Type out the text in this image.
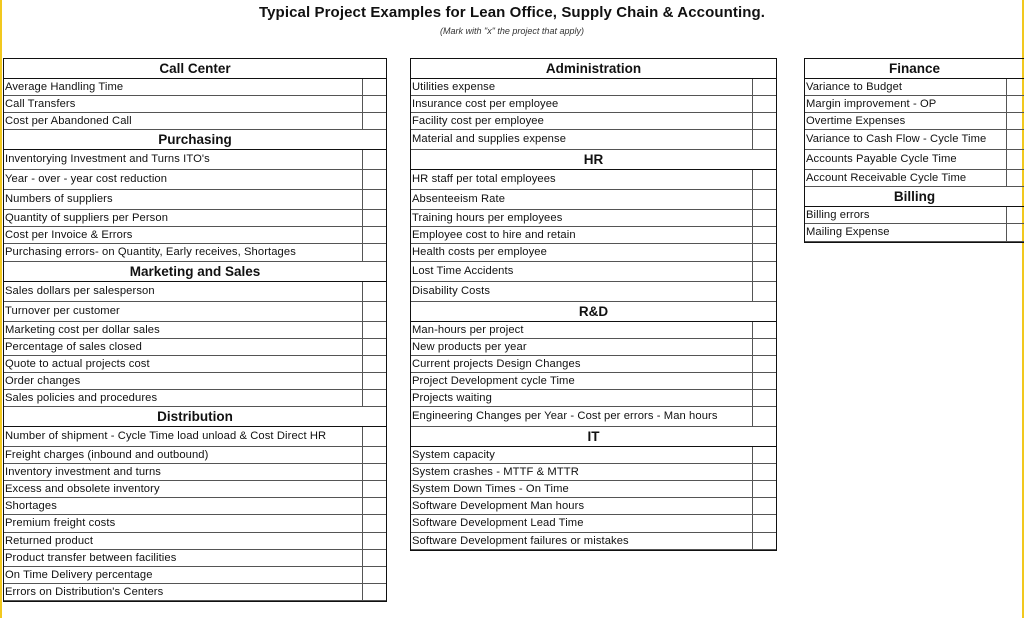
Typical Project Examples for Lean Office, Supply Chain & Accounting.
(Mark with "x" the project that apply)
Call Center
Average Handling Time
Call Transfers
Cost per Abandoned Call
Purchasing
Inventorying Investment and Turns ITO's
Year - over - year cost reduction
Numbers of suppliers
Quantity of suppliers per Person
Cost per Invoice & Errors
Purchasing errors- on Quantity, Early receives, Shortages
Marketing and Sales
Sales dollars per salesperson
Turnover per customer
Marketing cost per dollar sales
Percentage of sales closed
Quote to actual projects cost
Order changes
Sales policies and procedures
Distribution
Number of shipment - Cycle Time load unload & Cost Direct HR
Freight charges (inbound and outbound)
Inventory investment and turns
Excess and obsolete inventory
Shortages
Premium freight costs
Returned product
Product transfer between facilities
On Time Delivery percentage
Errors on Distribution's Centers
Administration
Utilities expense
Insurance cost per employee
Facility cost per employee
Material and supplies expense
HR
HR staff per total employees
Absenteeism Rate
Training hours per employees
Employee cost to hire and retain
Health costs per employee
Lost Time Accidents
Disability Costs
R&D
Man-hours per project
New products per year
Current projects Design Changes
Project Development cycle Time
Projects waiting
Engineering Changes per Year - Cost per errors - Man hours
IT
System capacity
System crashes - MTTF & MTTR
System Down Times - On Time
Software Development Man hours
Software Development Lead Time
Software Development failures or mistakes
Finance
Variance to Budget
Margin improvement - OP
Overtime Expenses
Variance to Cash Flow - Cycle Time
Accounts Payable Cycle Time
Account Receivable Cycle Time
Billing
Billing errors
Mailing Expense
